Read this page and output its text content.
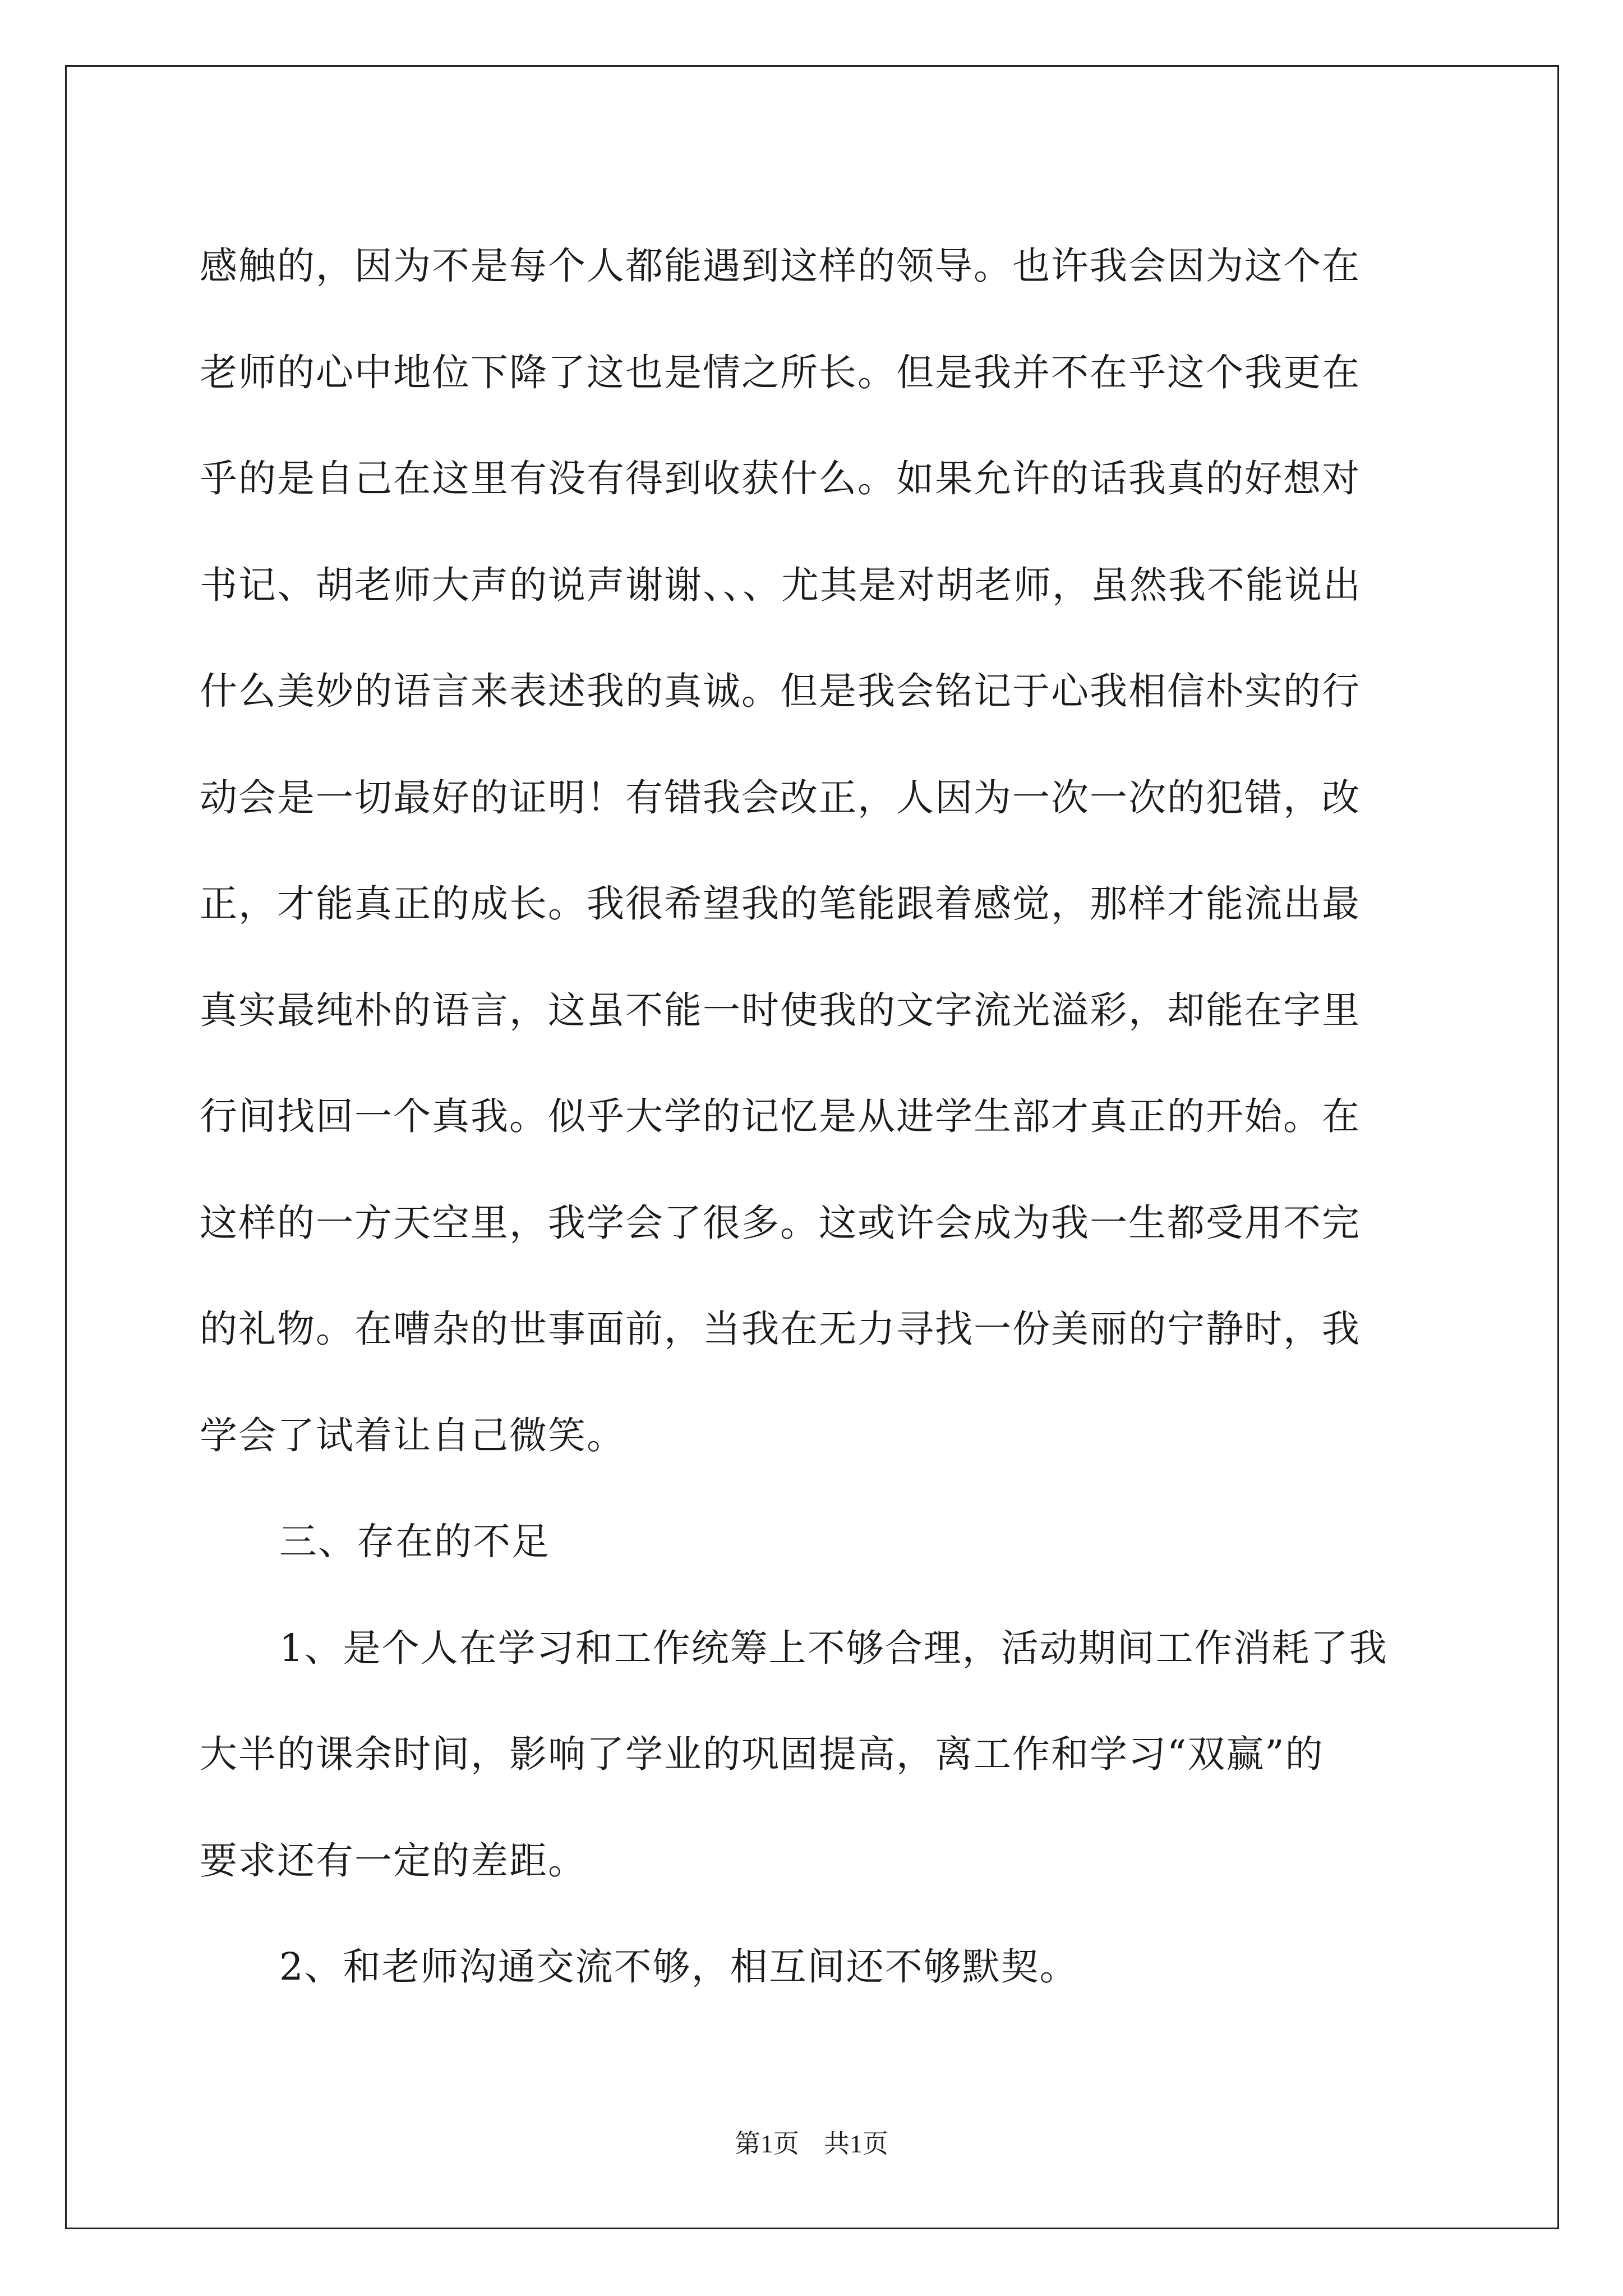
感触的，因为不是每个人都能遇到这样的领导。也许我会因为这个在
老师的心中地位下降了这也是情之所长。但是我并不在乎这个我更在
乎的是自己在这里有没有得到收获什么。如果允许的话我真的好想对
书记、胡老师大声的说声谢谢、、、尤其是对胡老师，虽然我不能说出
什么美妙的语言来表述我的真诚。但是我会铭记于心我相信朴实的行
动会是一切最好的证明！有错我会改正，人因为一次一次的犯错，改
正，才能真正的成长。我很希望我的笔能跟着感觉，那样才能流出最
真实最纯朴的语言，这虽不能一时使我的文字流光溢彩，却能在字里
行间找回一个真我。似乎大学的记忆是从进学生部才真正的开始。在
这样的一方天空里，我学会了很多。这或许会成为我一生都受用不完
的礼物。在嘈杂的世事面前，当我在无力寻找一份美丽的宁静时，我
学会了试着让自己微笑。
三、存在的不足
1、是个人在学习和工作统筹上不够合理，活动期间工作消耗了我
大半的课余时间，影响了学业的巩固提高，离工作和学习“双赢”的
要求还有一定的差距。
2、和老师沟通交流不够，相互间还不够默契。
第1页 共1页
